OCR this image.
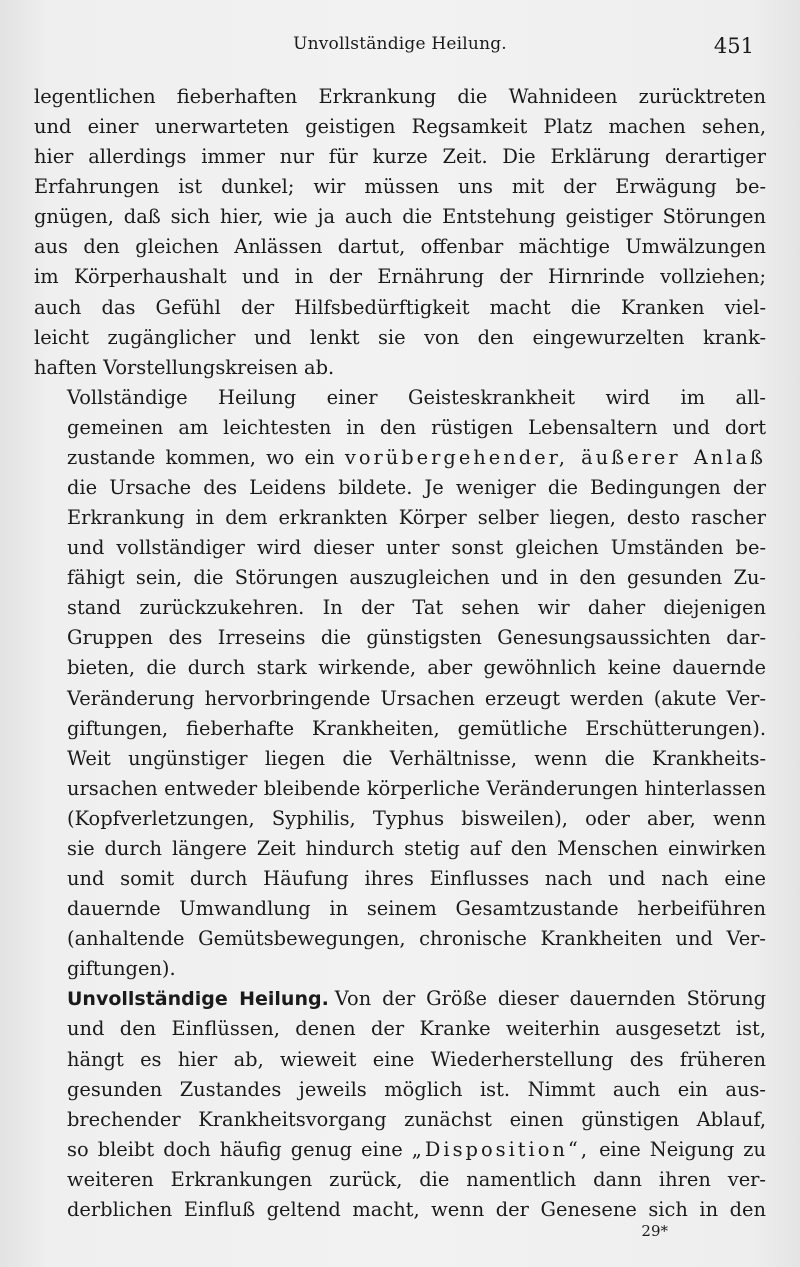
Unvollständige Heilung.	451

legentlichen fieberhaften Erkrankung die Wahnideen zurücktreten
und einer unerwarteten geistigen Regsamkeit Platz machen sehen,
hier allerdings immer nur für kurze Zeit. Die Erklärung derartiger
Erfahrungen ist dunkel; wir müssen uns mit der Erwägung be-
gnügen, daß sich hier, wie ja auch die Entstehung geistiger Störungen
aus den gleichen Anlässen dartut, offenbar mächtige Umwälzungen
im Körperhaushalt und in der Ernährung der Hirnrinde vollziehen;
auch das Gefühl der Hilfsbedürftigkeit macht die Kranken viel-
leicht zugänglicher und lenkt sie von den eingewurzelten krank-
haften Vorstellungskreisen ab.

Vollständige Heilung einer Geisteskrankheit wird im all-
gemeinen am leichtesten in den rüstigen Lebensaltern und dort
zustande kommen, wo ein vorübergehender, äußerer Anlaß
die Ursache des Leidens bildete. Je weniger die Bedingungen der
Erkrankung in dem erkrankten Körper selber liegen, desto rascher
und vollständiger wird dieser unter sonst gleichen Umständen be-
fähigt sein, die Störungen auszugleichen und in den gesunden Zu-
stand zurückzukehren. In der Tat sehen wir daher diejenigen
Gruppen des Irreseins die günstigsten Genesungsaussichten dar-
bieten, die durch stark wirkende, aber gewöhnlich keine dauernde
Veränderung hervorbringende Ursachen erzeugt werden (akute Ver-
giftungen, fieberhafte Krankheiten, gemütliche Erschütterungen).
Weit ungünstiger liegen die Verhältnisse, wenn die Krankheits-
ursachen entweder bleibende körperliche Veränderungen hinterlassen
(Kopfverletzungen, Syphilis, Typhus bisweilen), oder aber, wenn
sie durch längere Zeit hindurch stetig auf den Menschen einwirken
und somit durch Häufung ihres Einflusses nach und nach eine
dauernde Umwandlung in seinem Gesamtzustande herbeiführen
(anhaltende Gemütsbewegungen, chronische Krankheiten und Ver-
giftungen).

Unvollständige Heilung. Von der Größe dieser dauernden Störung
und den Einflüssen, denen der Kranke weiterhin ausgesetzt ist,
hängt es hier ab, wieweit eine Wiederherstellung des früheren
gesunden Zustandes jeweils möglich ist. Nimmt auch ein aus-
brechender Krankheitsvorgang zunächst einen günstigen Ablauf,
so bleibt doch häufig genug eine „Disposition“, eine Neigung zu
weiteren Erkrankungen zurück, die namentlich dann ihren ver-
derblichen Einfluß geltend macht, wenn der Genesene sich in den

29*
